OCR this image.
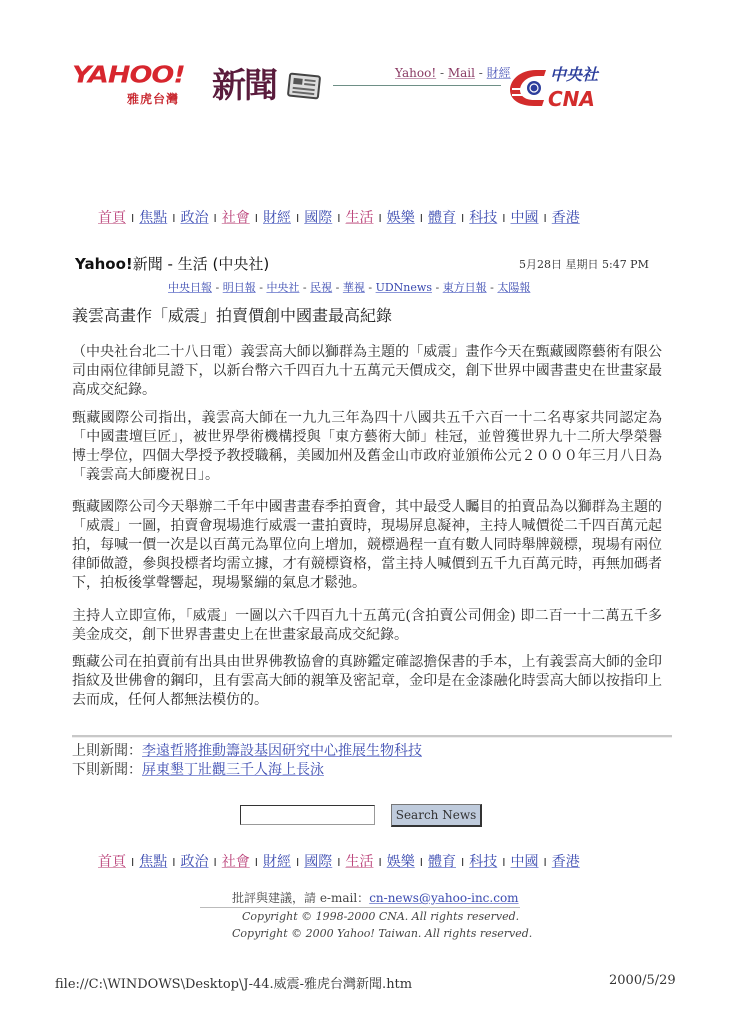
YAHOO!
雅虎台灣 新聞	Yahoo! - Mail - 財經
CNA
中央社
首頁 I 焦點 I 政治 I 社會 I 財經 I 國際 I 生活 I 娛樂 I 體育 I 科技 I 中國 I 香港
Yahoo!新聞 - 生活 (中央社)	5月28日 星期日 5:47 PM
中央日報 - 明日報 - 中央社 - 民視 - 華視 - UDNnews - 東方日報 - 太陽報
義雲高畫作「威震」拍賣價創中國畫最高紀錄
（中央社台北二十八日電）義雲高大師以獅群為主題的「威震」畫作今天在甄藏國際藝術有限公司由兩位律師見證下，以新台幣六千四百九十五萬元天價成交，創下世界中國書畫史在世畫家最高成交紀錄。
甄藏國際公司指出，義雲高大師在一九九三年為四十八國共五千六百一十二名專家共同認定為「中國畫壇巨匠」，被世界學術機構授與「東方藝術大師」桂冠，並曾獲世界九十二所大學榮譽博士學位，四個大學授予教授職稱，美國加州及舊金山市政府並頒佈公元２０００年三月八日為「義雲高大師慶祝日」。
甄藏國際公司今天舉辦二千年中國書畫春季拍賣會，其中最受人矚目的拍賣品為以獅群為主題的「威震」一圖，拍賣會現場進行威震一畫拍賣時，現場屏息凝神，主持人喊價從二千四百萬元起拍，每喊一價一次是以百萬元為單位向上增加，競標過程一直有數人同時舉牌競標，現場有兩位律師做證，參與投標者均需立據，才有競標資格，當主持人喊價到五千九百萬元時，再無加碼者下，拍板後掌聲響起，現場緊繃的氣息才鬆弛。
主持人立即宣佈，「威震」一圖以六千四百九十五萬元(含拍賣公司佣金) 即二百一十二萬五千多美金成交，創下世界書畫史上在世畫家最高成交紀錄。
甄藏公司在拍賣前有出具由世界佛教協會的真跡鑑定確認擔保書的手本，上有義雲高大師的金印指紋及世佛會的鋼印，且有雲高大師的親筆及密記章，金印是在金漆融化時雲高大師以按指印上去而成，任何人都無法模仿的。
上則新聞：李遠哲將推動籌設基因研究中心推展生物科技
下則新聞：屏東墾丁壯觀三千人海上長泳
Search News
首頁 I 焦點 I 政治 I 社會 I 財經 I 國際 I 生活 I 娛樂 I 體育 I 科技 I 中國 I 香港
批評與建議，請 e-mail：cn-news@yahoo-inc.com
Copyright © 1998-2000 CNA. All rights reserved.
Copyright © 2000 Yahoo! Taiwan. All rights reserved.
file://C:\WINDOWS\Desktop\J-44.威震-雅虎台灣新聞.htm	2000/5/29
